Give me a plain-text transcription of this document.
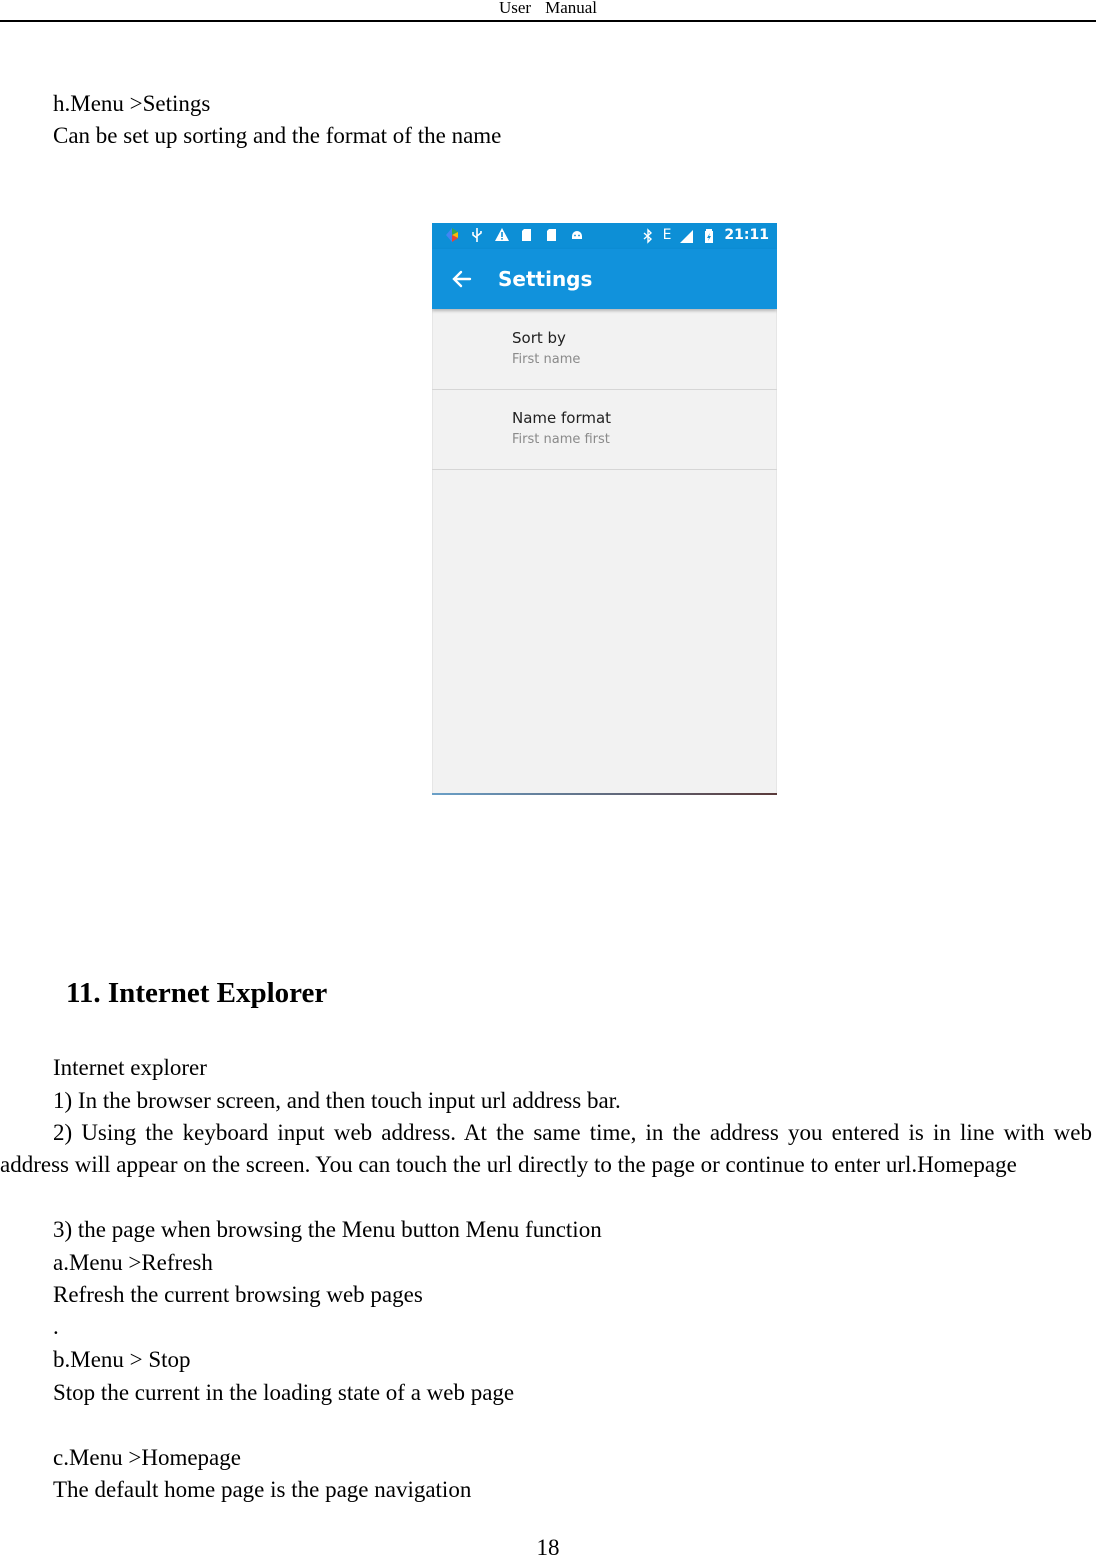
User Manual
h.Menu >Setings
Can be set up sorting and the format of the name
E	21:11
Settings
Sort by
First name
Name format
First name first
11. Internet Explorer
Internet explorer
1) In the browser screen, and then touch input url address bar.
2) Using the keyboard input web address. At the same time, in the address you entered is in line with web address will appear on the screen. You can touch the url directly to the page or continue to enter url.Homepage
3) the page when browsing the Menu button Menu function
a.Menu >Refresh
Refresh the current browsing web pages
.
b.Menu > Stop
Stop the current in the loading state of a web page
c.Menu >Homepage
The default home page is the page navigation
18
